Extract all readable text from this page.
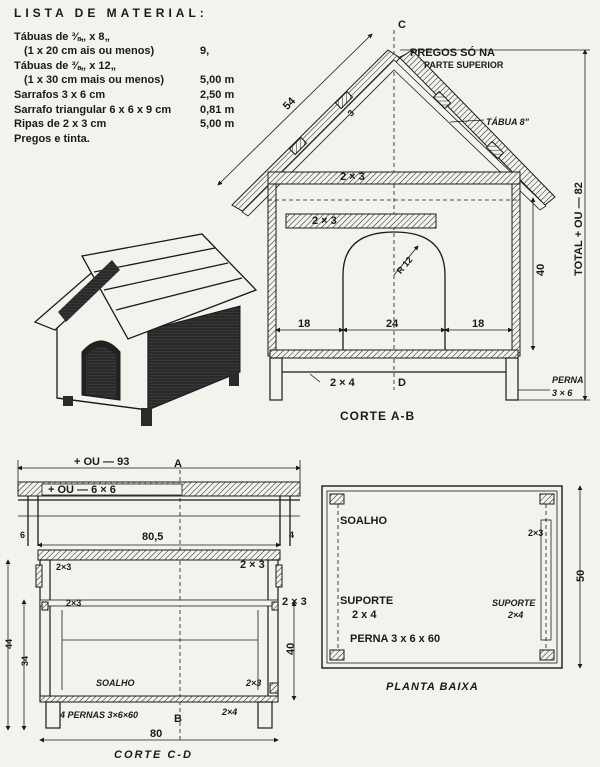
LISTA DE MATERIAL:
Tábuas de ⅜„ x 8„
(1 x 20 cm ais ou menos)	9,
Tábuas de ⅜„ x 12„
(1 x 30 cm mais ou menos)	5,00 m
Sarrafos 3 x 6 cm	2,50 m
Sarrafo triangular 6 x 6 x 9 cm	0,81 m
Ripas de 2 x 3 cm	5,00 m
Pregos e tinta.
C
54
3
PREGOS SÓ NA
PARTE SUPERIOR
TÁBUA 8"
2 × 3
2 × 3
R 12
18	24	18
40
2 × 4	D	PERNA
3 × 6
TOTAL + OU — 82
CORTE A-B
+ OU — 93	A
+ OU — 6 × 6
80,5
6	4
2×3	2 × 3
2×3	2 × 3
SOALHO	2×3
4 PERNAS 3×6×60	B
2×4
44
34
40
80
CORTE C-D
SOALHO
2×3
SUPORTE
2 x 4
SUPORTE
2×4
PERNA 3 x 6 x 60
50
PLANTA BAIXA
